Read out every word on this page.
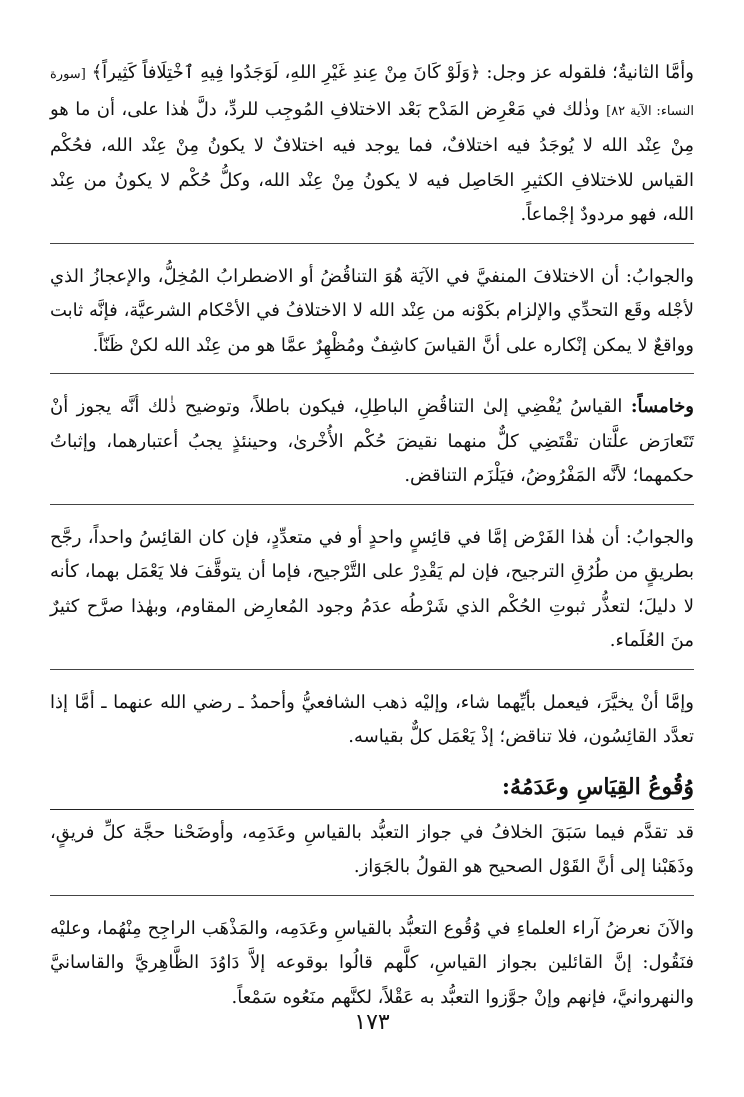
وأمَّا الثانيةُ؛ فلقوله عز وجل: ﴿وَلَوْ كَانَ مِنْ عِندِ غَيْرِ اللهِ، لَوَجَدُوا فِيهِ ٱخْتِلَافاً كَثِيراً﴾ [سورة النساء: الآية ٨٢] وذٰلك في مَعْرِض المَدْح بَعْد الاختلافِ المُوجِب للردِّ، دلَّ هٰذا على، أن ما هو مِنْ عِنْد الله لا يُوجَدُ فيه اختلافٌ، فما يوجد فيه اختلافٌ لا يكونُ مِنْ عِنْد الله، فحُكْم القياس للاختلافِ الكثيرِ الحَاصِل فيه لا يكونُ مِنْ عِنْد الله، وكلُّ حُكْم لا يكونُ من عِنْد الله، فهو مردودٌ إجْماعاً.

والجوابُ: أن الاختلافَ المنفيَّ في الآيَة هُوَ التناقُضُ أو الاضطرابُ المُخِلُّ، والإعجازُ الذي لأجْله وقَع التحدِّي والإلزام بكَوْنه من عِنْد الله لا الاختلافُ في الأحْكام الشرعيَّة، فإنَّه ثابت وواقعٌ لا يمكن إنْكاره على أنَّ القياسَ كاشِفٌ ومُظْهِرٌ عمَّا هو من عِنْد الله لكنْ ظَنّاً.

وخامساً: القياسُ يُفْضِي إلىٰ التناقُضِ الباطِلِ، فيكون باطلاً، وتوضيح ذٰلك أنَّه يجوز أنْ تَتَعارَض علَّتان تقْتَضِي كلٌّ منهما نقيضَ حُكْم الأُخْرىٰ، وحينئذٍ يجبُ أعتبارهما، وإثباتُ حكمهما؛ لأنَّه المَفْرُوضُ، فيَلْزَم التناقض.

والجوابُ: أن هٰذا الفَرْض إمَّا في قائِسٍ واحدٍ أو في متعدِّدٍ، فإن كان القائِسُ واحداً، رجَّح بطريقٍ من طُرُقِ الترجيح، فإن لم يَقْدِرْ على التَّرْجيح، فإما أن يتوقَّفَ فلا يَعْمَل بهما، كأنه لا دليلَ؛ لتعذُّر ثبوتِ الحُكْم الذي شَرْطُه عدَمُ وجود المُعارِض المقاوم، وبهٰذا صرَّح كثيرٌ منَ العُلَماء.

وإمَّا أنْ يخيَّرَ، فيعمل بأيِّهما شاء، وإليْه ذهب الشافعيُّ وأحمدُ ـ رضي الله عنهما ـ أمَّا إذا تعدَّد القائِسُون، فلا تناقض؛ إذْ يَعْمَل كلٌّ بقياسه.

وُقُوعُ القِيَاسِ وعَدَمُهُ:

قد تقدَّم فيما سَبَقَ الخلافُ في جواز التعبُّد بالقياسِ وعَدَمِه، وأوضَحْنا حجَّة كلِّ فريقٍ، وذَهَبْنا إلى أنَّ القَوْل الصحيح هو القولُ بالجَوَاز.

والآنَ نعرضُ آراء العلماءِ في وُقُوع التعبُّد بالقياسِ وعَدَمِه، والمَذْهَب الراجِح مِنْهُما، وعليْه فنَقُول: إنَّ القائلين بجواز القياسِ، كلَّهم قالُوا بوقوعه إلاَّ دَاوُدَ الظَّاهِريَّ والقاسانيَّ والنهروانيَّ، فإنهم وإنْ جوَّزوا التعبُّد به عَقْلاً، لكنَّهم منَعُوه سَمْعاً.

١٧٣
